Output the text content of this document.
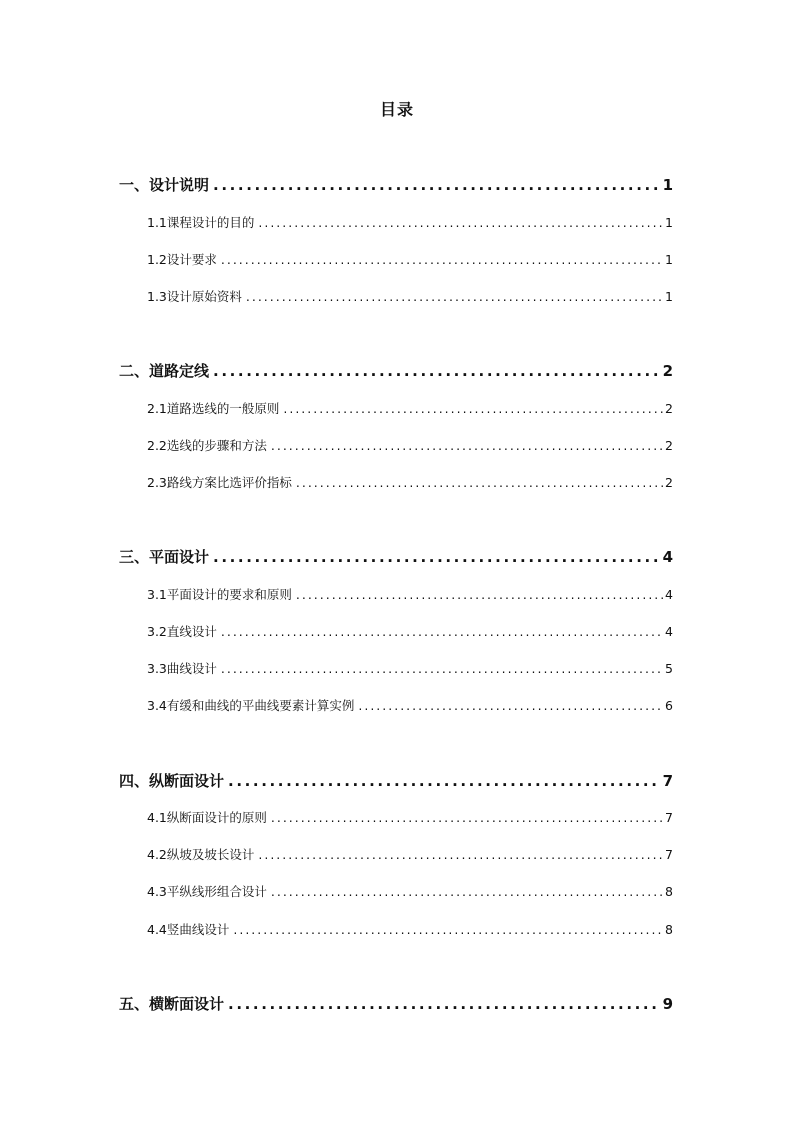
目录
一、设计说明 .....	1
1.1课程设计的目的 .....	1
1.2设计要求 .....	1
1.3设计原始资料 .....	1
二、道路定线 .....	2
2.1道路选线的一般原则 .....	2
2.2选线的步骤和方法 .....	2
2.3路线方案比选评价指标 .....	2
三、平面设计 .....	4
3.1平面设计的要求和原则 .....	4
3.2直线设计 .....	4
3.3曲线设计 .....	5
3.4有缓和曲线的平曲线要素计算实例 .....	6
四、纵断面设计 .....	7
4.1纵断面设计的原则 .....	7
4.2纵坡及坡长设计 .....	7
4.3平纵线形组合设计 .....	8
4.4竖曲线设计 .....	8
五、横断面设计 .....	9
